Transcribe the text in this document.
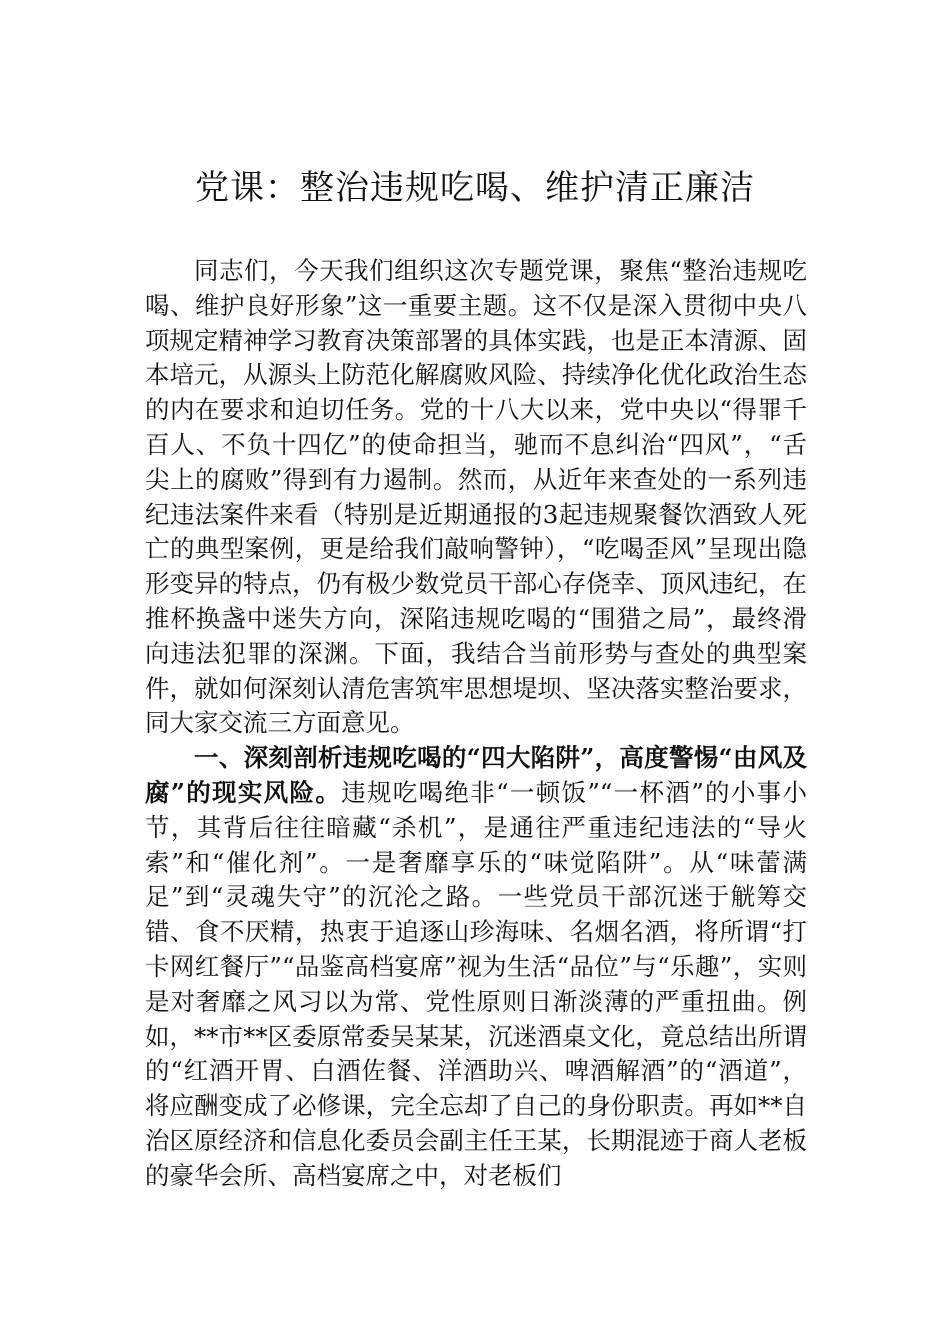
党课：整治违规吃喝、维护清正廉洁

同志们，今天我们组织这次专题党课，聚焦“整治违规吃喝、维护良好形象”这一重要主题。这不仅是深入贯彻中央八项规定精神学习教育决策部署的具体实践，也是正本清源、固本培元，从源头上防范化解腐败风险、持续净化优化政治生态的内在要求和迫切任务。党的十八大以来，党中央以“得罪千百人、不负十四亿”的使命担当，驰而不息纠治“四风”，“舌尖上的腐败”得到有力遏制。然而，从近年来查处的一系列违纪违法案件来看（特别是近期通报的3起违规聚餐饮酒致人死亡的典型案例，更是给我们敲响警钟），“吃喝歪风”呈现出隐形变异的特点，仍有极少数党员干部心存侥幸、顶风违纪，在推杯换盏中迷失方向，深陷违规吃喝的“围猎之局”，最终滑向违法犯罪的深渊。下面，我结合当前形势与查处的典型案件，就如何深刻认清危害筑牢思想堤坝、坚决落实整治要求，同大家交流三方面意见。

一、深刻剖析违规吃喝的“四大陷阱”，高度警惕“由风及腐”的现实风险。违规吃喝绝非“一顿饭”“一杯酒”的小事小节，其背后往往暗藏“杀机”，是通往严重违纪违法的“导火索”和“催化剂”。一是奢靡享乐的“味觉陷阱”。从“味蕾满足”到“灵魂失守”的沉沦之路。一些党员干部沉迷于觥筹交错、食不厌精，热衷于追逐山珍海味、名烟名酒，将所谓“打卡网红餐厅”“品鉴高档宴席”视为生活“品位”与“乐趣”，实则是对奢靡之风习以为常、党性原则日渐淡薄的严重扭曲。例如，**市**区委原常委吴某某，沉迷酒桌文化，竟总结出所谓的“红酒开胃、白酒佐餐、洋酒助兴、啤酒解酒”的“酒道”，将应酬变成了必修课，完全忘却了自己的身份职责。再如**自治区原经济和信息化委员会副主任王某，长期混迹于商人老板的豪华会所、高档宴席之中，对老板们
